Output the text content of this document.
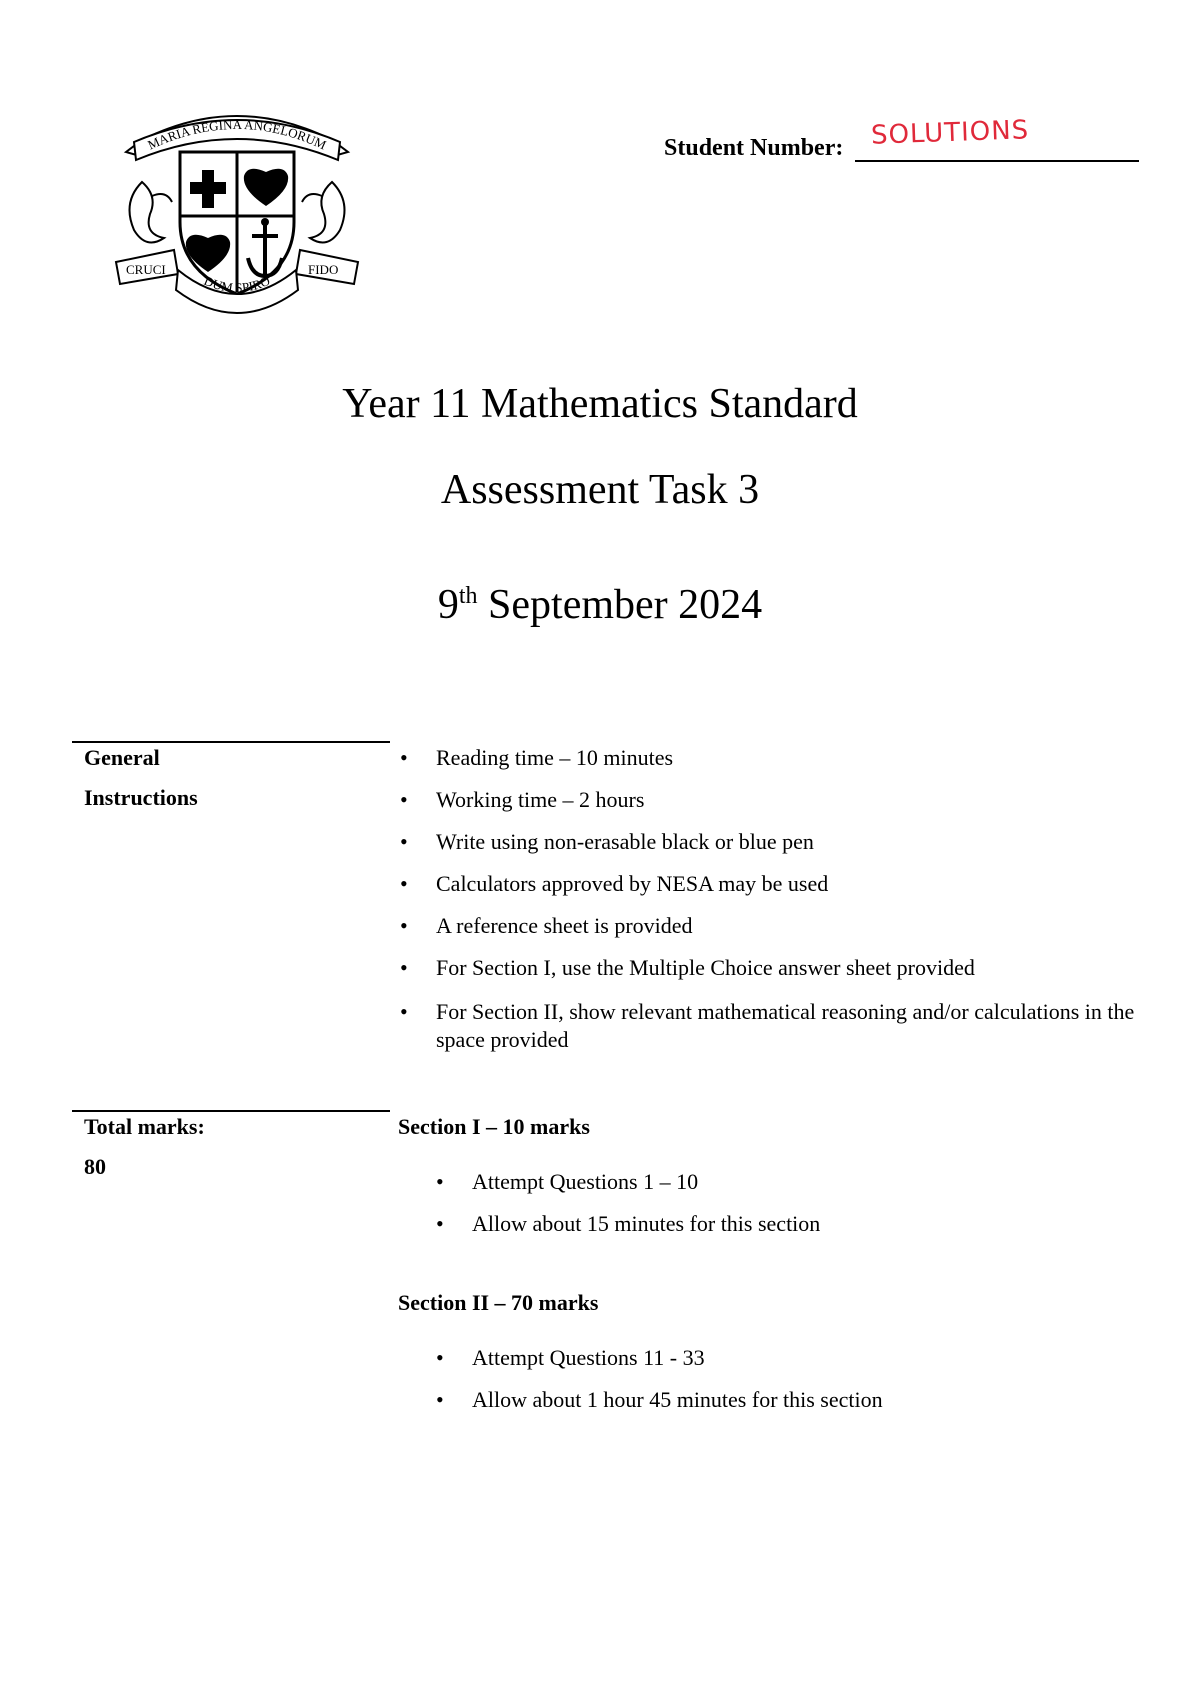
MARIA REGINA ANGELORUM
CRUCI	FIDO
DUM SPIRO
Student Number: SOLUTIONS
Year 11 Mathematics Standard
Assessment Task 3
9th September 2024
General
Instructions
• Reading time – 10 minutes
• Working time – 2 hours
• Write using non-erasable black or blue pen
• Calculators approved by NESA may be used
• A reference sheet is provided
• For Section I, use the Multiple Choice answer sheet provided
• For Section II, show relevant mathematical reasoning and/or calculations in the space provided
Total marks:
80
Section I – 10 marks
• Attempt Questions 1 – 10
• Allow about 15 minutes for this section
Section II – 70 marks
• Attempt Questions 11 - 33
• Allow about 1 hour 45 minutes for this section
